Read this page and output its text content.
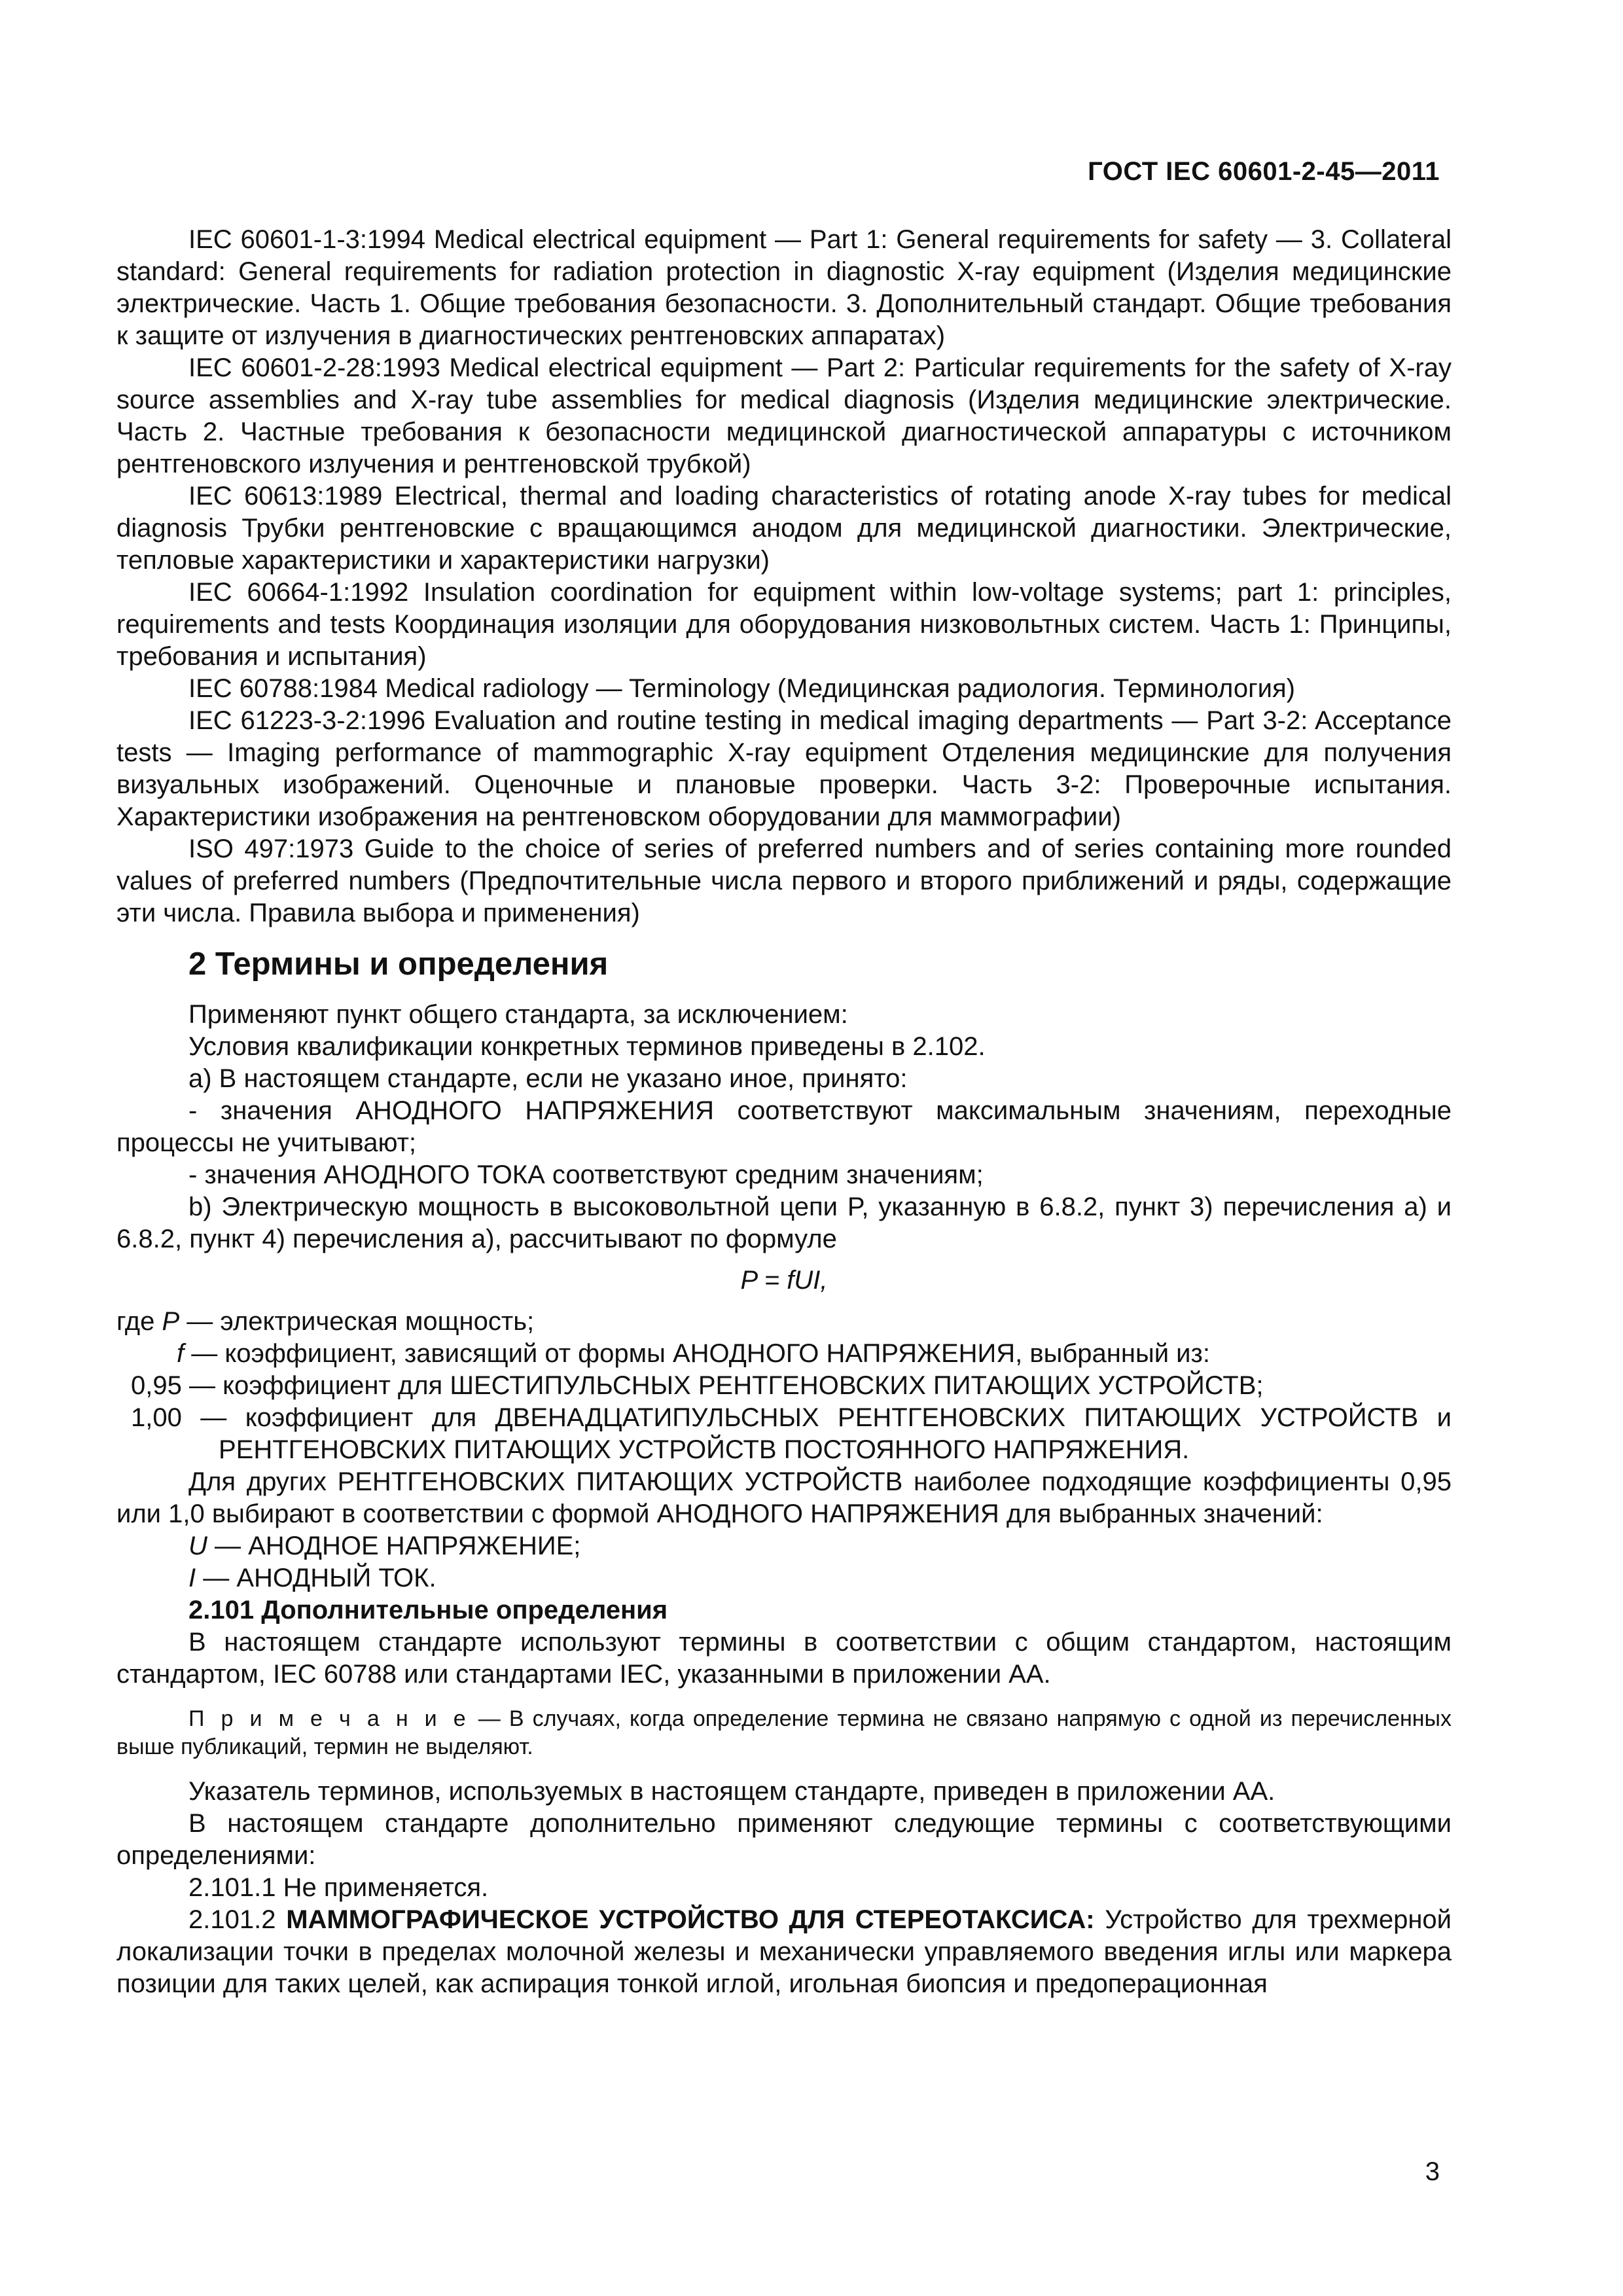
ГОСТ IEC 60601-2-45—2011

IEC 60601-1-3:1994 Medical electrical equipment — Part 1: General requirements for safety — 3. Collateral standard: General requirements for radiation protection in diagnostic X-ray equipment (Изделия медицинские электрические. Часть 1. Общие требования безопасности. 3. Дополнительный стандарт. Общие требования к защите от излучения в диагностических рентгеновских аппаратах)

IEC 60601-2-28:1993 Medical electrical equipment — Part 2: Particular requirements for the safety of X-ray source assemblies and X-ray tube assemblies for medical diagnosis (Изделия медицинские электрические. Часть 2. Частные требования к безопасности медицинской диагностической аппаратуры с источником рентгеновского излучения и рентгеновской трубкой)

IEC 60613:1989 Electrical, thermal and loading characteristics of rotating anode X-ray tubes for medical diagnosis Трубки рентгеновские с вращающимся анодом для медицинской диагностики. Электрические, тепловые характеристики и характеристики нагрузки)

IEC 60664-1:1992 Insulation coordination for equipment within low-voltage systems; part 1: principles, requirements and tests Координация изоляции для оборудования низковольтных систем. Часть 1: Принципы, требования и испытания)

IEC 60788:1984 Medical radiology — Terminology (Медицинская радиология. Терминология)

IEC 61223-3-2:1996 Evaluation and routine testing in medical imaging departments — Part 3-2: Acceptance tests — Imaging performance of mammographic X-ray equipment Отделения медицинские для получения визуальных изображений. Оценочные и плановые проверки. Часть 3-2: Проверочные испытания. Характеристики изображения на рентгеновском оборудовании для маммографии)

ISO 497:1973 Guide to the choice of series of preferred numbers and of series containing more rounded values of preferred numbers (Предпочтительные числа первого и второго приближений и ряды, содержащие эти числа. Правила выбора и применения)

2 Термины и определения

Применяют пункт общего стандарта, за исключением:

Условия квалификации конкретных терминов приведены в 2.102.

a) В настоящем стандарте, если не указано иное, принято:

- значения АНОДНОГО НАПРЯЖЕНИЯ соответствуют максимальным значениям, переходные процессы не учитывают;

- значения АНОДНОГО ТОКА соответствуют средним значениям;

b) Электрическую мощность в высоковольтной цепи P, указанную в 6.8.2, пункт 3) перечисления a) и 6.8.2, пункт 4) перечисления a), рассчитывают по формуле

P = fUI,

где P — электрическая мощность;

f — коэффициент, зависящий от формы АНОДНОГО НАПРЯЖЕНИЯ, выбранный из:

0,95 — коэффициент для ШЕСТИПУЛЬСНЫХ РЕНТГЕНОВСКИХ ПИТАЮЩИХ УСТРОЙСТВ;

1,00 — коэффициент для ДВЕНАДЦАТИПУЛЬСНЫХ РЕНТГЕНОВСКИХ ПИТАЮЩИХ УСТРОЙСТВ и

РЕНТГЕНОВСКИХ ПИТАЮЩИХ УСТРОЙСТВ ПОСТОЯННОГО НАПРЯЖЕНИЯ.

Для других РЕНТГЕНОВСКИХ ПИТАЮЩИХ УСТРОЙСТВ наиболее подходящие коэффициенты 0,95 или 1,0 выбирают в соответствии с формой АНОДНОГО НАПРЯЖЕНИЯ для выбранных значений:

U — АНОДНОЕ НАПРЯЖЕНИЕ;

I — АНОДНЫЙ ТОК.

2.101 Дополнительные определения

В настоящем стандарте используют термины в соответствии с общим стандартом, настоящим стандартом, IEC 60788 или стандартами IEC, указанными в приложении АА.

П р и м е ч а н и е — В случаях, когда определение термина не связано напрямую с одной из перечисленных выше публикаций, термин не выделяют.

Указатель терминов, используемых в настоящем стандарте, приведен в приложении АА.

В настоящем стандарте дополнительно применяют следующие термины с соответствующими определениями:

2.101.1 Не применяется.

2.101.2 МАММОГРАФИЧЕСКОЕ УСТРОЙСТВО ДЛЯ СТЕРЕОТАКСИСА: Устройство для трехмерной локализации точки в пределах молочной железы и механически управляемого введения иглы или маркера позиции для таких целей, как аспирация тонкой иглой, игольная биопсия и предоперационная

3
